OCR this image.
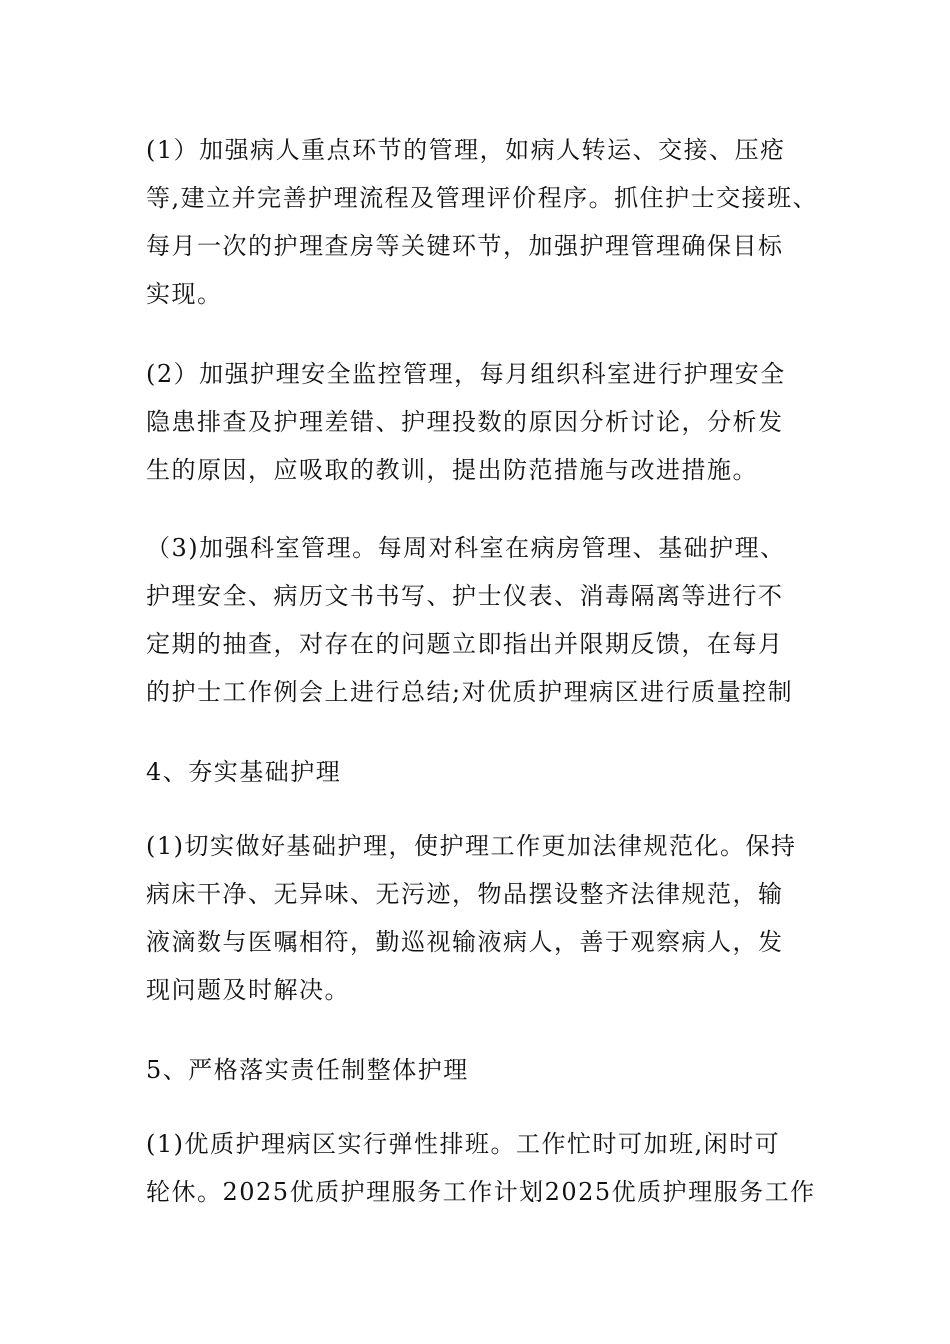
(1）加强病人重点环节的管理，如病人转运、交接、压疮
等,建立并完善护理流程及管理评价程序。抓住护士交接班、
每月一次的护理查房等关键环节，加强护理管理确保目标
实现。
(2）加强护理安全监控管理，每月组织科室进行护理安全
隐患排查及护理差错、护理投数的原因分析讨论，分析发
生的原因，应吸取的教训，提出防范措施与改进措施。
（3)加强科室管理。每周对科室在病房管理、基础护理、
护理安全、病历文书书写、护士仪表、消毒隔离等进行不
定期的抽查，对存在的问题立即指出并限期反馈，在每月
的护士工作例会上进行总结;对优质护理病区进行质量控制
4、夯实基础护理
(1)切实做好基础护理，使护理工作更加法律规范化。保持
病床干净、无异味、无污迹，物品摆设整齐法律规范，输
液滴数与医嘱相符，勤巡视输液病人，善于观察病人，发
现问题及时解决。
5、严格落实责任制整体护理
(1)优质护理病区实行弹性排班。工作忙时可加班,闲时可
轮休。2025优质护理服务工作计划2025优质护理服务工作
